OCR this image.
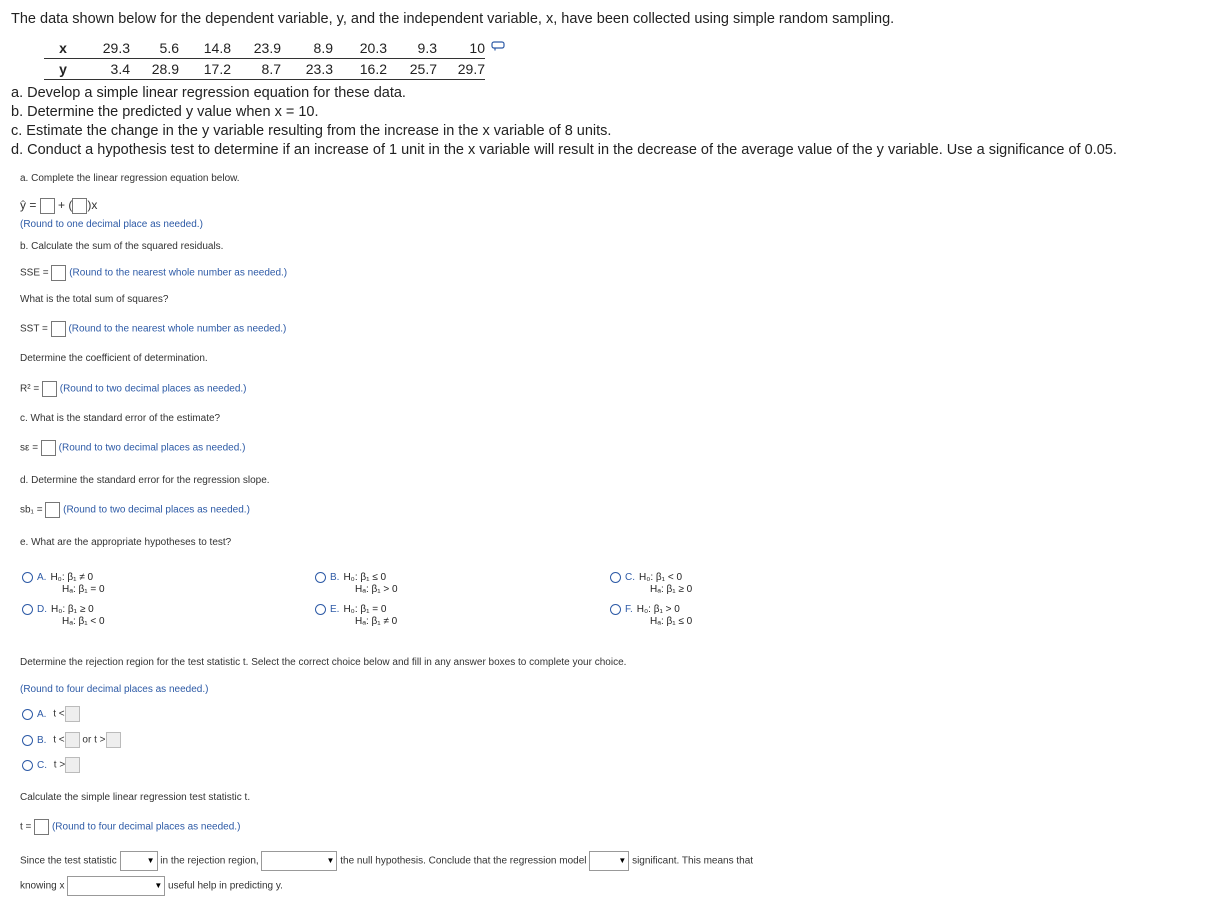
The data shown below for the dependent variable, y, and the independent variable, x, have been collected using simple random sampling.
x	29.3	5.6	14.8	23.9	8.9	20.3	9.3	10
y	3.4	28.9	17.2	8.7	23.3	16.2	25.7	29.7
a. Develop a simple linear regression equation for these data.
b. Determine the predicted y value when x = 10.
c. Estimate the change in the y variable resulting from the increase in the x variable of 8 units.
d. Conduct a hypothesis test to determine if an increase of 1 unit in the x variable will result in the decrease of the average value of the y variable. Use a significance of 0.05.
a. Complete the linear regression equation below.
ŷ = + ( )x
(Round to one decimal place as needed.)
b. Calculate the sum of the squared residuals.
SSE = (Round to the nearest whole number as needed.)
What is the total sum of squares?
SST = (Round to the nearest whole number as needed.)
Determine the coefficient of determination.
R² = (Round to two decimal places as needed.)
c. What is the standard error of the estimate?
sε = (Round to two decimal places as needed.)
d. Determine the standard error for the regression slope.
sb₁ = (Round to two decimal places as needed.)
e. What are the appropriate hypotheses to test?
A. H₀: β₁ ≠ 0
Hₐ: β₁ = 0
D. H₀: β₁ ≥ 0
Hₐ: β₁ < 0
B. H₀: β₁ ≤ 0
Hₐ: β₁ > 0
E. H₀: β₁ = 0
Hₐ: β₁ ≠ 0
C. H₀: β₁ < 0
Hₐ: β₁ ≥ 0
F. H₀: β₁ > 0
Hₐ: β₁ ≤ 0
Determine the rejection region for the test statistic t. Select the correct choice below and fill in any answer boxes to complete your choice.
(Round to four decimal places as needed.)
A. t <
B. t < or t >
C. t >
Calculate the simple linear regression test statistic t.
t = (Round to four decimal places as needed.)
Since the test statistic	▼ in the rejection region,	▼ the null hypothesis. Conclude that the regression model	▼ significant. This means that
knowing x	▼ useful help in predicting y.
